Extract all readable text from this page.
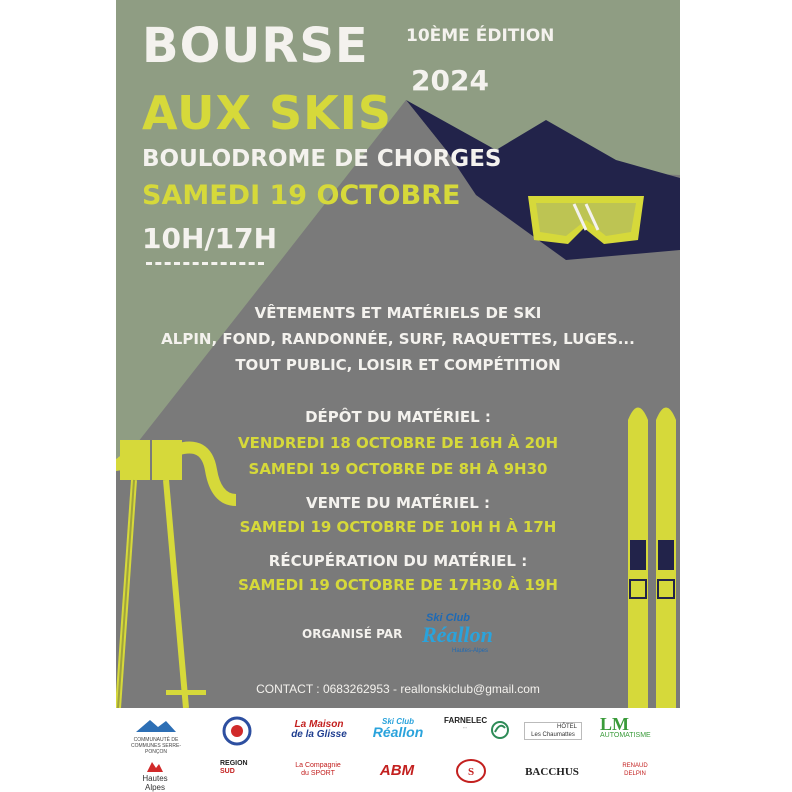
BOURSE 10ÈME ÉDITION
2024
AUX SKIS
BOULODROME DE CHORGES
SAMEDI 19 OCTOBRE
10H/17H
VÊTEMENTS ET MATÉRIELS DE SKI
ALPIN, FOND, RANDONNÉE, SURF, RAQUETTES, LUGES...
TOUT PUBLIC, LOISIR ET COMPÉTITION
DÉPÔT DU MATÉRIEL :
VENDREDI 18 OCTOBRE DE 16H À 20H
SAMEDI 19 OCTOBRE DE 8H À 9H30
VENTE DU MATÉRIEL :
SAMEDI 19 OCTOBRE DE 10H H À 17H
RÉCUPÉRATION DU MATÉRIEL :
SAMEDI 19 OCTOBRE DE 17H30 À 19H
ORGANISÉ PAR
Ski Club
Réallon
Hautes-Alpes
CONTACT : 0683262953 - reallonskiclub@gmail.com
COMMUNAUTÉ DE COMMUNES SERRE-PONÇON
La Maison
de la Glisse
Ski Club
Réallon
FARNELEC
···	HÔTEL
Les Chaumattes
LM
AUTOMATISME
Hautes Alpes
REGION
SUD
La Compagnie
du SPORT	ABM	S	BACCHUS	RENAUD
DELPIN
